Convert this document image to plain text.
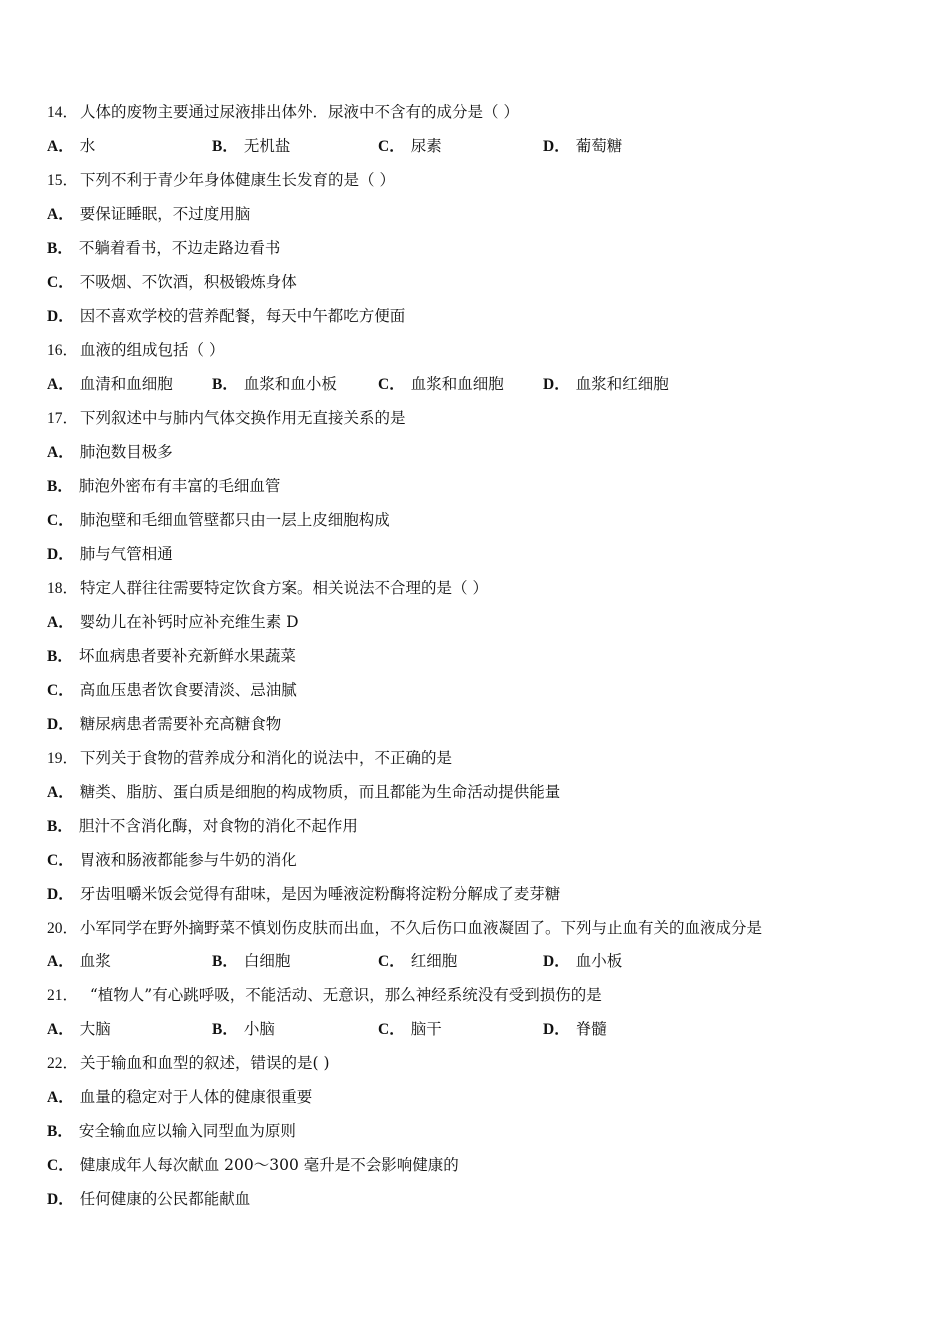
14． 人体的废物主要通过尿液排出体外．尿液中不含有的成分是（ ）
A． 水	B． 无机盐	C． 尿素	D． 葡萄糖
15． 下列不利于青少年身体健康生长发育的是（ ）
A． 要保证睡眠，不过度用脑
B． 不躺着看书，不边走路边看书
C． 不吸烟、不饮酒，积极锻炼身体
D． 因不喜欢学校的营养配餐，每天中午都吃方便面
16． 血液的组成包括（ ）
A． 血清和血细胞	B． 血浆和血小板	C． 血浆和血细胞	D． 血浆和红细胞
17． 下列叙述中与肺内气体交换作用无直接关系的是
A． 肺泡数目极多
B． 肺泡外密布有丰富的毛细血管
C． 肺泡壁和毛细血管壁都只由一层上皮细胞构成
D． 肺与气管相通
18． 特定人群往往需要特定饮食方案。相关说法不合理的是（ ）
A． 婴幼儿在补钙时应补充维生素 D
B． 坏血病患者要补充新鲜水果蔬菜
C． 高血压患者饮食要清淡、忌油腻
D． 糖尿病患者需要补充高糖食物
19． 下列关于食物的营养成分和消化的说法中，不正确的是
A． 糖类、脂肪、蛋白质是细胞的构成物质，而且都能为生命活动提供能量
B． 胆汁不含消化酶，对食物的消化不起作用
C． 胃液和肠液都能参与牛奶的消化
D． 牙齿咀嚼米饭会觉得有甜味，是因为唾液淀粉酶将淀粉分解成了麦芽糖
20． 小军同学在野外摘野菜不慎划伤皮肤而出血，不久后伤口血液凝固了。下列与止血有关的血液成分是
A． 血浆	B． 白细胞	C． 红细胞	D． 血小板
21．  “植物人”有心跳呼吸，不能活动、无意识，那么神经系统没有受到损伤的是
A． 大脑	B． 小脑	C． 脑干	D． 脊髓
22． 关于输血和血型的叙述，错误的是( )
A． 血量的稳定对于人体的健康很重要
B． 安全输血应以输入同型血为原则
C． 健康成年人每次献血 200～300 毫升是不会影响健康的
D． 任何健康的公民都能献血
